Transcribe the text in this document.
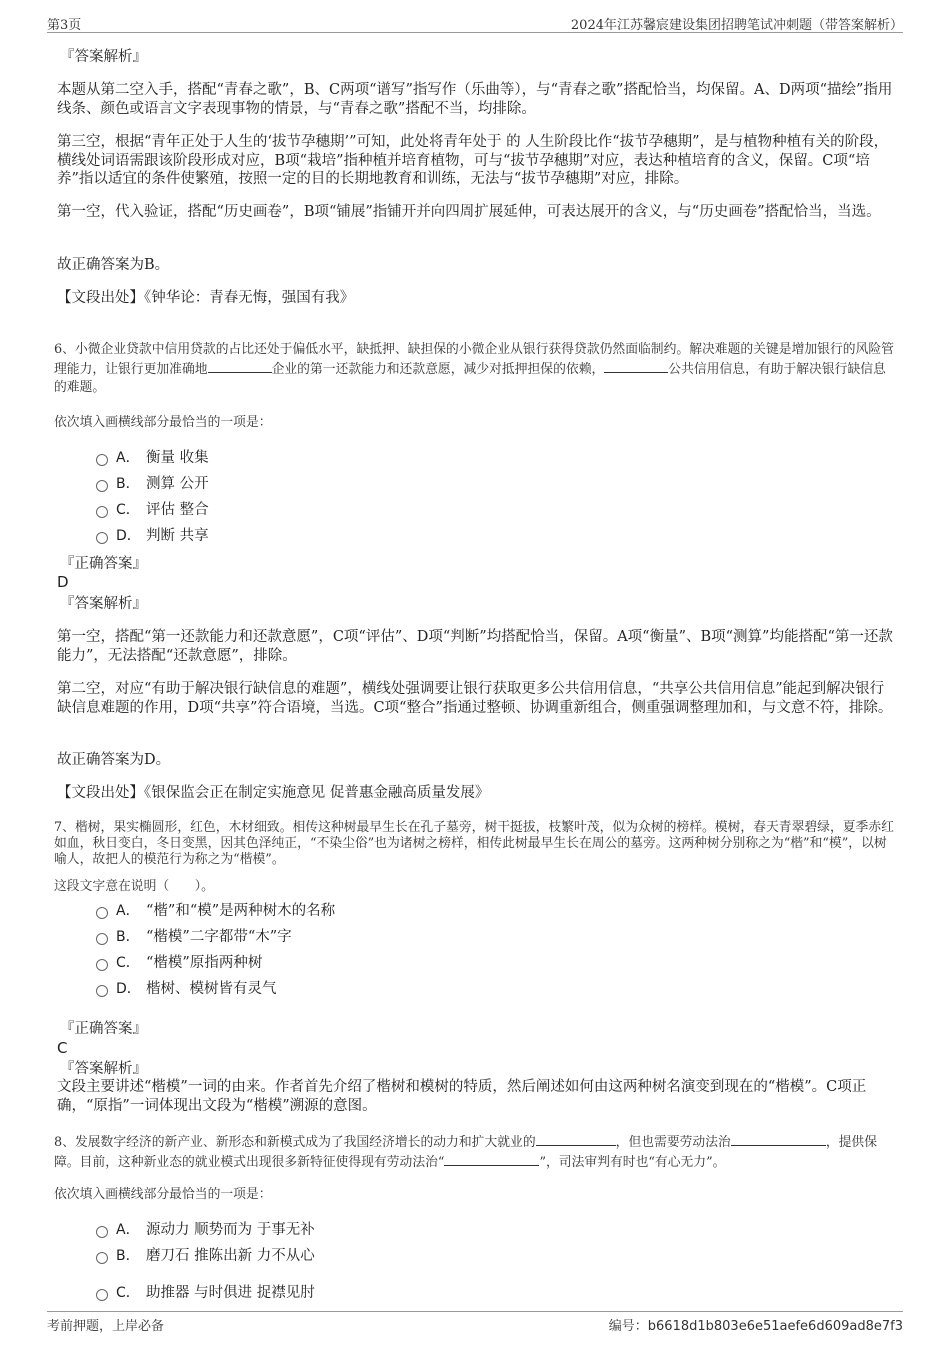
第3页	2024年江苏馨宸建设集团招聘笔试冲刺题（带答案解析）
『答案解析』

本题从第二空入手，搭配“青春之歌”，B、C两项“谱写”指写作（乐曲等），与“青春之歌”搭配恰当，均保留。A、D两项“描绘”指用线条、颜色或语言文字表现事物的情景，与“青春之歌”搭配不当，均排除。

第三空，根据“青年正处于人生的‘拔节孕穗期’”可知，此处将青年处于 的 人生阶段比作“拔节孕穗期”，是与植物种植有关的阶段，横线处词语需跟该阶段形成对应，B项“栽培”指种植并培育植物，可与“拔节孕穗期”对应，表达种植培育的含义，保留。C项“培养”指以适宜的条件使繁殖，按照一定的目的长期地教育和训练，无法与“拔节孕穗期”对应，排除。

第一空，代入验证，搭配“历史画卷”，B项“铺展”指铺开并向四周扩展延伸，可表达展开的含义，与“历史画卷”搭配恰当，当选。

故正确答案为B。

【文段出处】《钟华论：青春无悔，强国有我》

6、小微企业贷款中信用贷款的占比还处于偏低水平，缺抵押、缺担保的小微企业从银行获得贷款仍然面临制约。解决难题的关键是增加银行的风险管理能力，让银行更加准确地	企业的第一还款能力和还款意愿，减少对抵押担保的依赖，	公共信用信息，有助于解决银行缺信息的难题。

依次填入画横线部分最恰当的一项是：

A． 衡量 收集
B． 测算 公开
C． 评估 整合
D． 判断 共享
『正确答案』
D
『答案解析』

第一空，搭配“第一还款能力和还款意愿”，C项“评估”、D项“判断”均搭配恰当，保留。A项“衡量”、B项“测算”均能搭配“第一还款能力”，无法搭配“还款意愿”，排除。

第二空，对应“有助于解决银行缺信息的难题”，横线处强调要让银行获取更多公共信用信息，“共享公共信用信息”能起到解决银行缺信息难题的作用，D项“共享”符合语境，当选。C项“整合”指通过整顿、协调重新组合，侧重强调整理加和，与文意不符，排除。

故正确答案为D。

【文段出处】《银保监会正在制定实施意见 促普惠金融高质量发展》

7、楷树，果实椭圆形，红色，木材细致。相传这种树最早生长在孔子墓旁，树干挺拔，枝繁叶茂，似为众树的榜样。模树，春天青翠碧绿，夏季赤红如血，秋日变白，冬日变黑，因其色泽纯正，“不染尘俗”也为诸树之榜样，相传此树最早生长在周公的墓旁。这两种树分别称之为“楷”和“模”，以树喻人，故把人的模范行为称之为“楷模”。

这段文字意在说明（　　）。

A． “楷”和“模”是两种树木的名称
B． “楷模”二字都带“木”字
C． “楷模”原指两种树
D． 楷树、模树皆有灵气
『正确答案』
C
『答案解析』

文段主要讲述“楷模”一词的由来。作者首先介绍了楷树和模树的特质，然后阐述如何由这两种树名演变到现在的“楷模”。C项正确，“原指”一词体现出文段为“楷模”溯源的意图。

8、发展数字经济的新产业、新形态和新模式成为了我国经济增长的动力和扩大就业的	，但也需要劳动法治	，提供保障。目前，这种新业态的就业模式出现很多新特征使得现有劳动法治“	”，司法审判有时也“有心无力”。

依次填入画横线部分最恰当的一项是：

A． 源动力 顺势而为 于事无补
B． 磨刀石 推陈出新 力不从心
C． 助推器 与时俱进 捉襟见肘
考前押题，上岸必备	编号：b6618d1b803e6e51aefe6d609ad8e7f3
